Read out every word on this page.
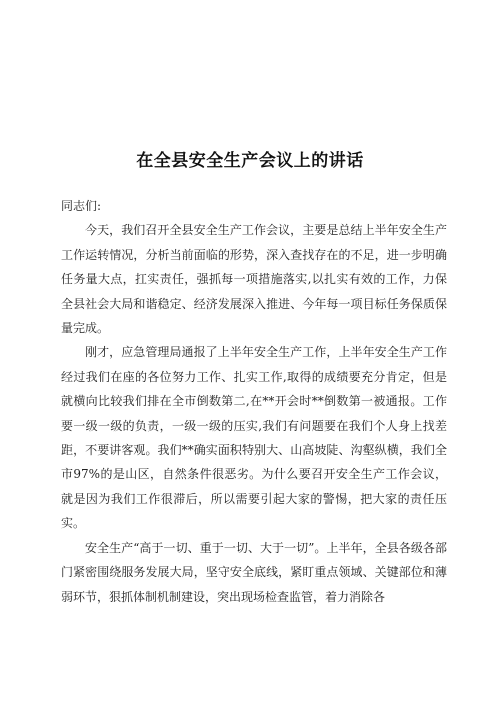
在全县安全生产会议上的讲话

同志们:

今天，我们召开全县安全生产工作会议，主要是总结上半年安全生产工作运转情况，分析当前面临的形势，深入查找存在的不足，进一步明确任务量大点，扛实责任，强抓每一项措施落实,以扎实有效的工作，力保全县社会大局和谐稳定、经济发展深入推进、今年每一项目标任务保质保量完成。

刚才，应急管理局通报了上半年安全生产工作，上半年安全生产工作经过我们在座的各位努力工作、扎实工作,取得的成绩要充分肯定，但是就横向比较我们排在全市倒数第二,在**开会时**倒数第一被通报。工作要一级一级的负责，一级一级的压实,我们有问题要在我们个人身上找差距，不要讲客观。我们**确实面积特别大、山高坡陡、沟壑纵横，我们全市97%的是山区，自然条件很恶劣。为什么要召开安全生产工作会议，就是因为我们工作很滞后，所以需要引起大家的警惕，把大家的责任压实。

安全生产“高于一切、重于一切、大于一切”。上半年，全县各级各部门紧密围绕服务发展大局，坚守安全底线，紧盯重点领域、关键部位和薄弱环节，狠抓体制机制建设，突出现场检查监管，着力消除各
